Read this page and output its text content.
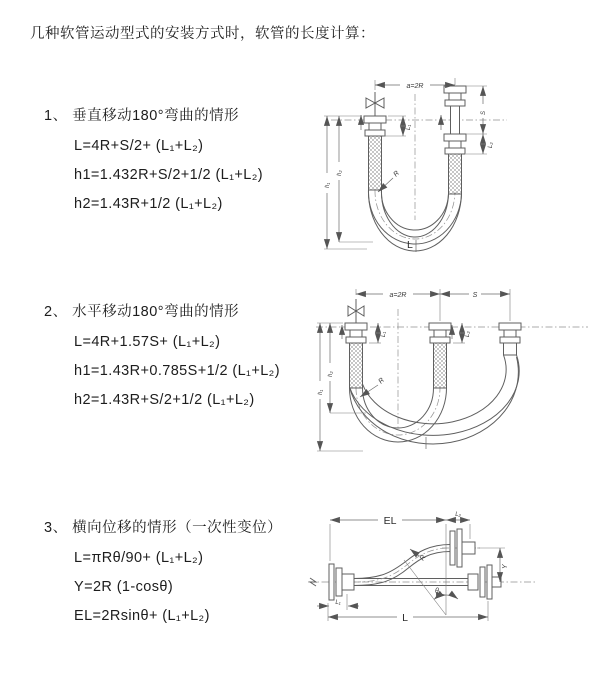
几种软管运动型式的安装方式时，软管的长度计算：
1、 垂直移动180°弯曲的情形
L=4R+S/2+ (L₁+L₂)
h1=1.432R+S/2+1/2 (L₁+L₂)
h2=1.43R+1/2 (L₁+L₂)
2、 水平移动180°弯曲的情形
L=4R+1.57S+ (L₁+L₂)
h1=1.43R+0.785S+1/2 (L₁+L₂)
h2=1.43R+S/2+1/2 (L₁+L₂)
3、 横向位移的情形（一次性变位）
L=πRθ/90+ (L₁+L₂)
Y=2R (1-cosθ)
EL=2Rsinθ+ (L₁+L₂)
a=2R
L₁
h₁
h₂
S
L₂
R
L
a=2R	S
L₁	L₂
h₁
h₂
R
EL	L₂
Y
θ
R
L₁
L
